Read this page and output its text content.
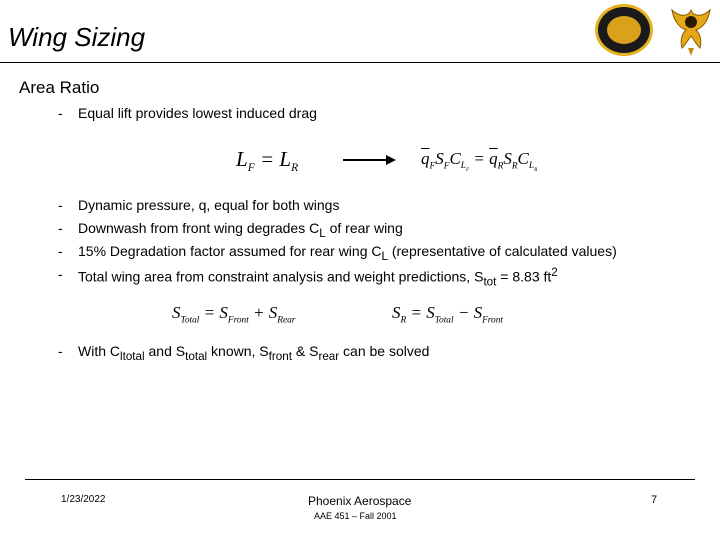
Wing Sizing
Area Ratio
- Equal lift provides lowest induced drag
$L_F = L_R$
$\overline{q}_FS_FC_{L_F} = \overline{q}_RS_RC_{L_R}$
- Dynamic pressure, q, equal for both wings
- Downwash from front wing degrades $C_L$ of rear wing
- 15% Degradation factor assumed for rear wing $C_L$ (representative of calculated values)
- Total wing area from constraint analysis and weight predictions, $S_{tot} = 8.83$ $ft^2$
$S_{Total} = S_{Front} + S_{Rear}$	$S_R = S_{Total} - S_{Front}$
- With $C_{ltotal}$ and $S_{total}$ known, $S_{front}$ & $S_{rear}$ can be solved
1/23/2022	Phoenix Aerospace
AAE 451 – Fall 2001
7
